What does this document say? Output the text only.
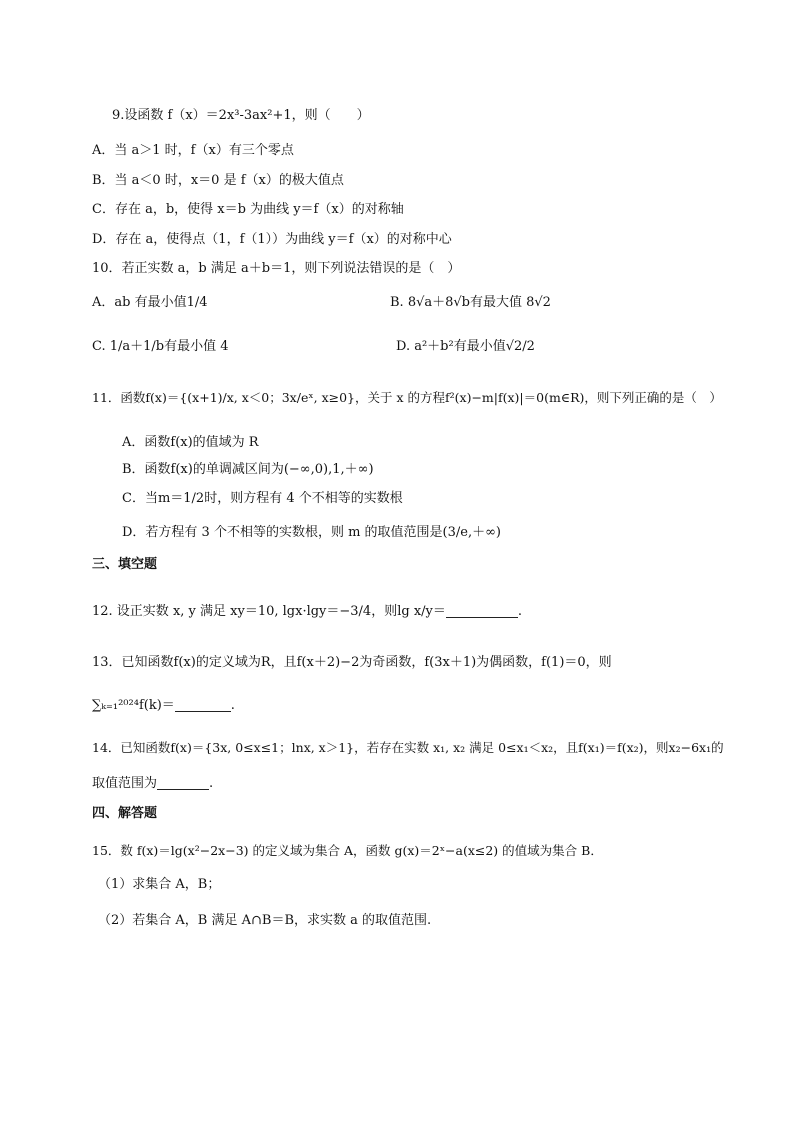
9.设函数 f（x）＝2x³-3ax²+1，则（　　）
A．当 a＞1 时，f（x）有三个零点
B．当 a＜0 时，x＝0 是 f（x）的极大值点
C．存在 a，b，使得 x＝b 为曲线 y＝f（x）的对称轴
D．存在 a，使得点（1，f（1））为曲线 y＝f（x）的对称中心
10．若正实数 a，b 满足 a＋b＝1，则下列说法错误的是（　）
A．ab 有最小值1/4	B. 8√a＋8√b有最大值 8√2
C. 1/a＋1/b有最小值 4	D. a²＋b²有最小值√2/2
11．函数f(x)＝{(x+1)/x, x＜0；3x/eˣ, x≥0}，关于 x 的方程f²(x)−m|f(x)|＝0(m∈R)，则下列正确的是（　）
A．函数f(x)的值域为 R
B．函数f(x)的单调减区间为(−∞,0),1,＋∞)
C．当m＝1/2时，则方程有 4 个不相等的实数根
D．若方程有 3 个不相等的实数根，则 m 的取值范围是(3/e,＋∞)
三、填空题
12. 设正实数 x, y 满足 xy＝10, lgx·lgy＝−3/4，则lg x/y＝	.
13．已知函数f(x)的定义域为R，且f(x＋2)−2为奇函数，f(3x＋1)为偶函数，f(1)＝0，则
∑ₖ₌₁²⁰²⁴f(k)＝	.
14．已知函数f(x)＝{3x, 0≤x≤1；lnx, x＞1}，若存在实数 x₁, x₂ 满足 0≤x₁＜x₂，且f(x₁)＝f(x₂)，则x₂−6x₁的
取值范围为	.
四、解答题
15．数 f(x)＝lg(x²−2x−3) 的定义域为集合 A，函数 g(x)＝2ˣ−a(x≤2) 的值域为集合 B．
（1）求集合 A，B；
（2）若集合 A，B 满足 A∩B＝B，求实数 a 的取值范围.
